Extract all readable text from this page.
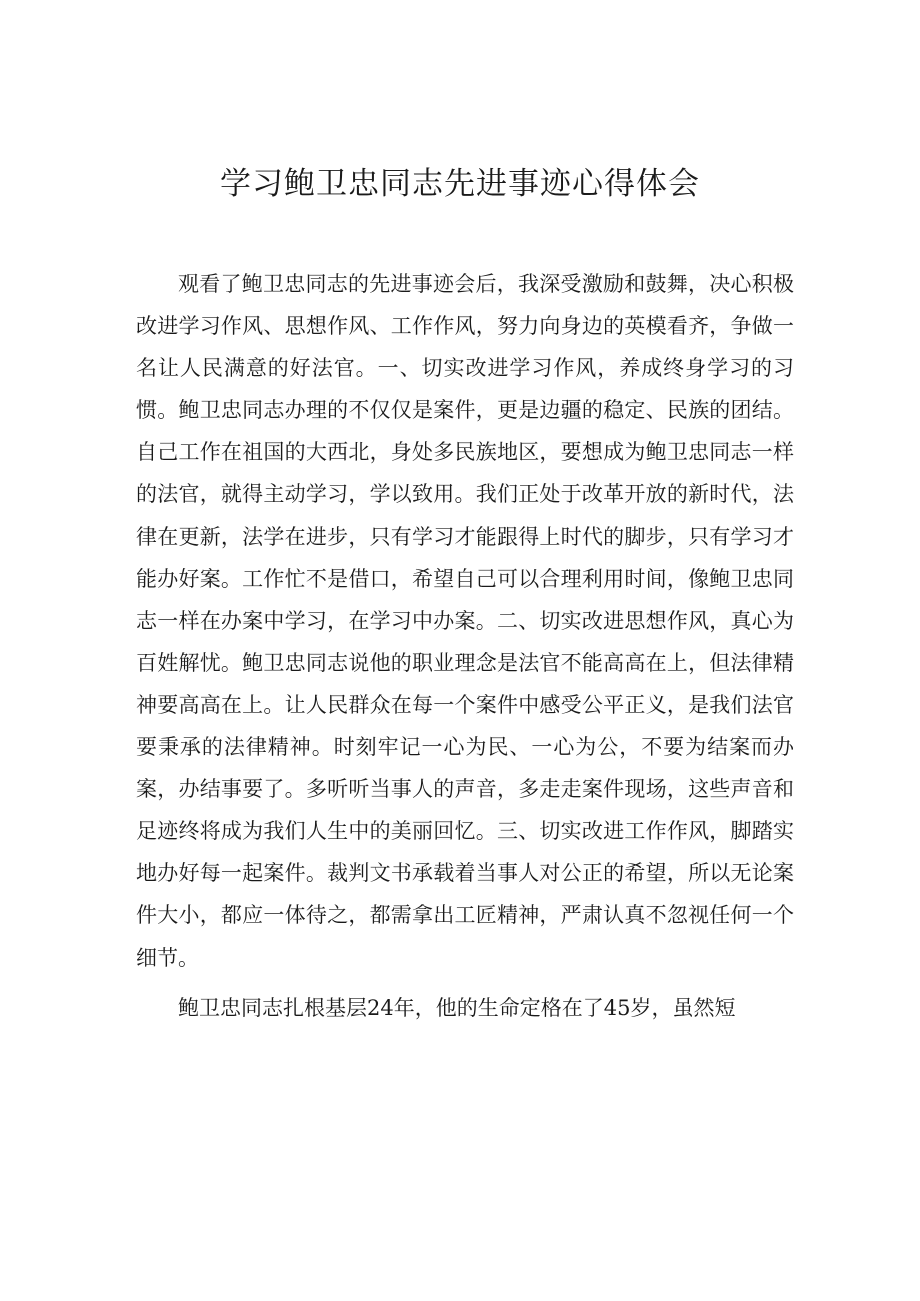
学习鲍卫忠同志先进事迹心得体会

观看了鲍卫忠同志的先进事迹会后，我深受激励和鼓舞，决心积极改进学习作风、思想作风、工作作风，努力向身边的英模看齐，争做一名让人民满意的好法官。一、切实改进学习作风，养成终身学习的习惯。鲍卫忠同志办理的不仅仅是案件，更是边疆的稳定、民族的团结。自己工作在祖国的大西北，身处多民族地区，要想成为鲍卫忠同志一样的法官，就得主动学习，学以致用。我们正处于改革开放的新时代，法律在更新，法学在进步，只有学习才能跟得上时代的脚步，只有学习才能办好案。工作忙不是借口，希望自己可以合理利用时间，像鲍卫忠同志一样在办案中学习，在学习中办案。二、切实改进思想作风，真心为百姓解忧。鲍卫忠同志说他的职业理念是法官不能高高在上，但法律精神要高高在上。让人民群众在每一个案件中感受公平正义，是我们法官要秉承的法律精神。时刻牢记一心为民、一心为公，不要为结案而办案，办结事要了。多听听当事人的声音，多走走案件现场，这些声音和足迹终将成为我们人生中的美丽回忆。三、切实改进工作作风，脚踏实地办好每一起案件。裁判文书承载着当事人对公正的希望，所以无论案件大小，都应一体待之，都需拿出工匠精神，严肃认真不忽视任何一个细节。

鲍卫忠同志扎根基层24年，他的生命定格在了45岁，虽然短
